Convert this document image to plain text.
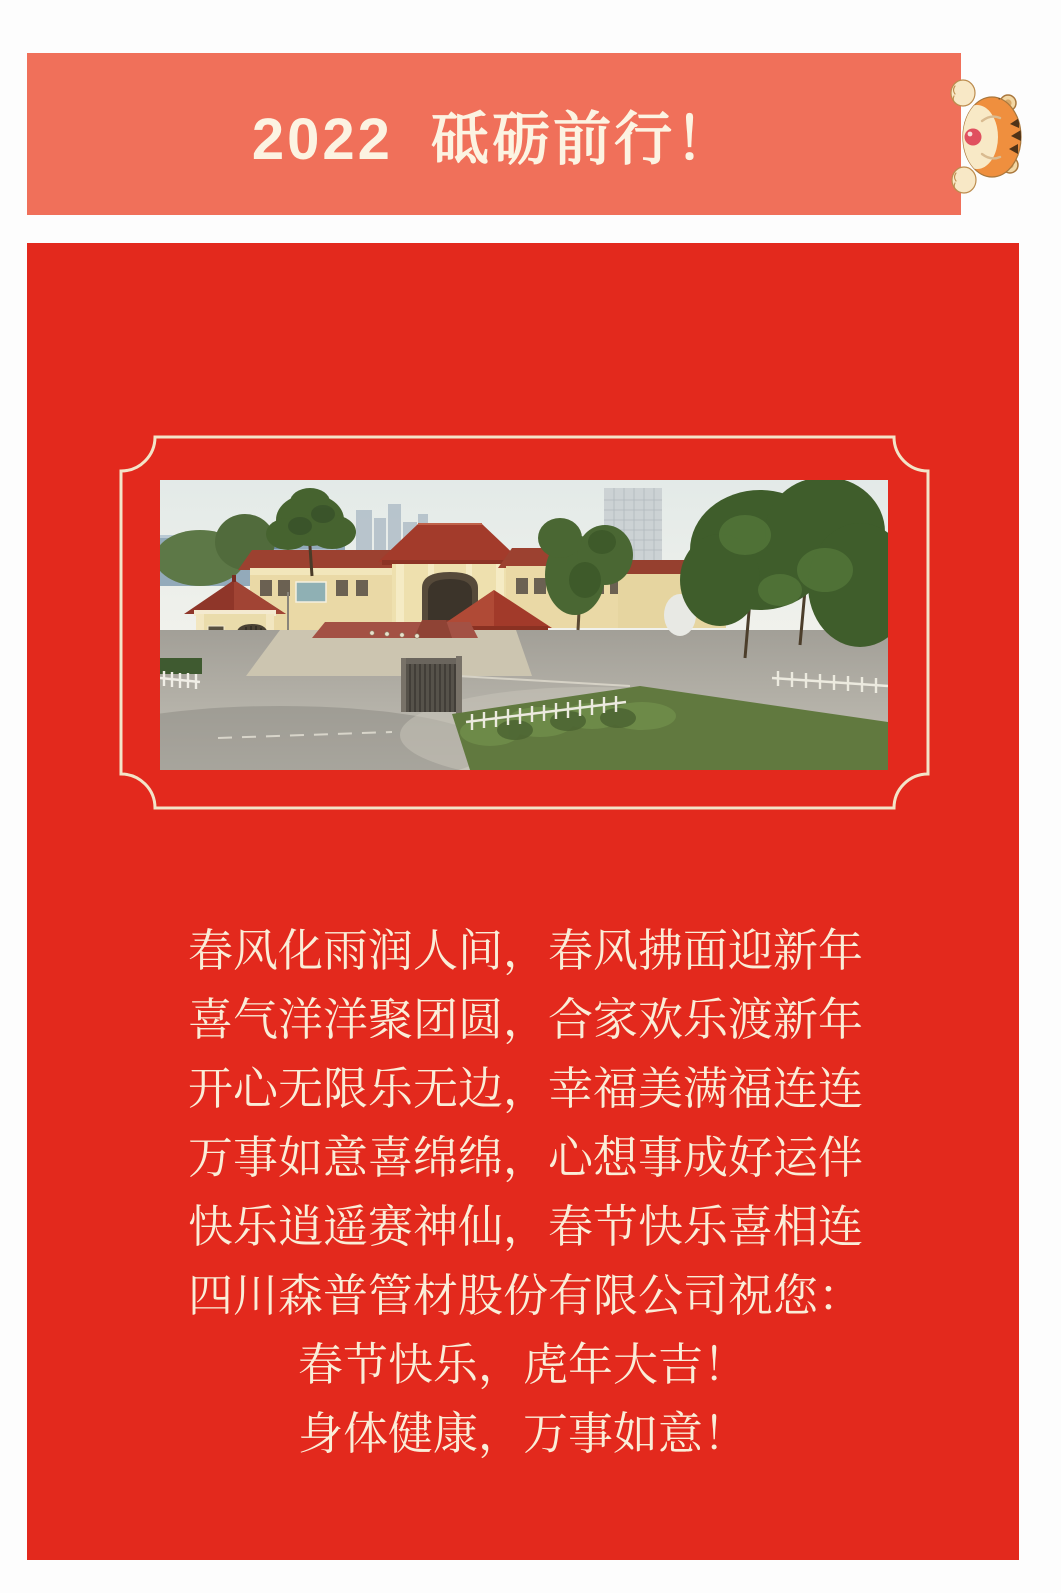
2022  砥砺前行！
春风化雨润人间，春风拂面迎新年
喜气洋洋聚团圆，合家欢乐渡新年
开心无限乐无边，幸福美满福连连
万事如意喜绵绵，心想事成好运伴
快乐逍遥赛神仙，春节快乐喜相连
四川森普管材股份有限公司祝您：
春节快乐，虎年大吉！
身体健康，万事如意！
